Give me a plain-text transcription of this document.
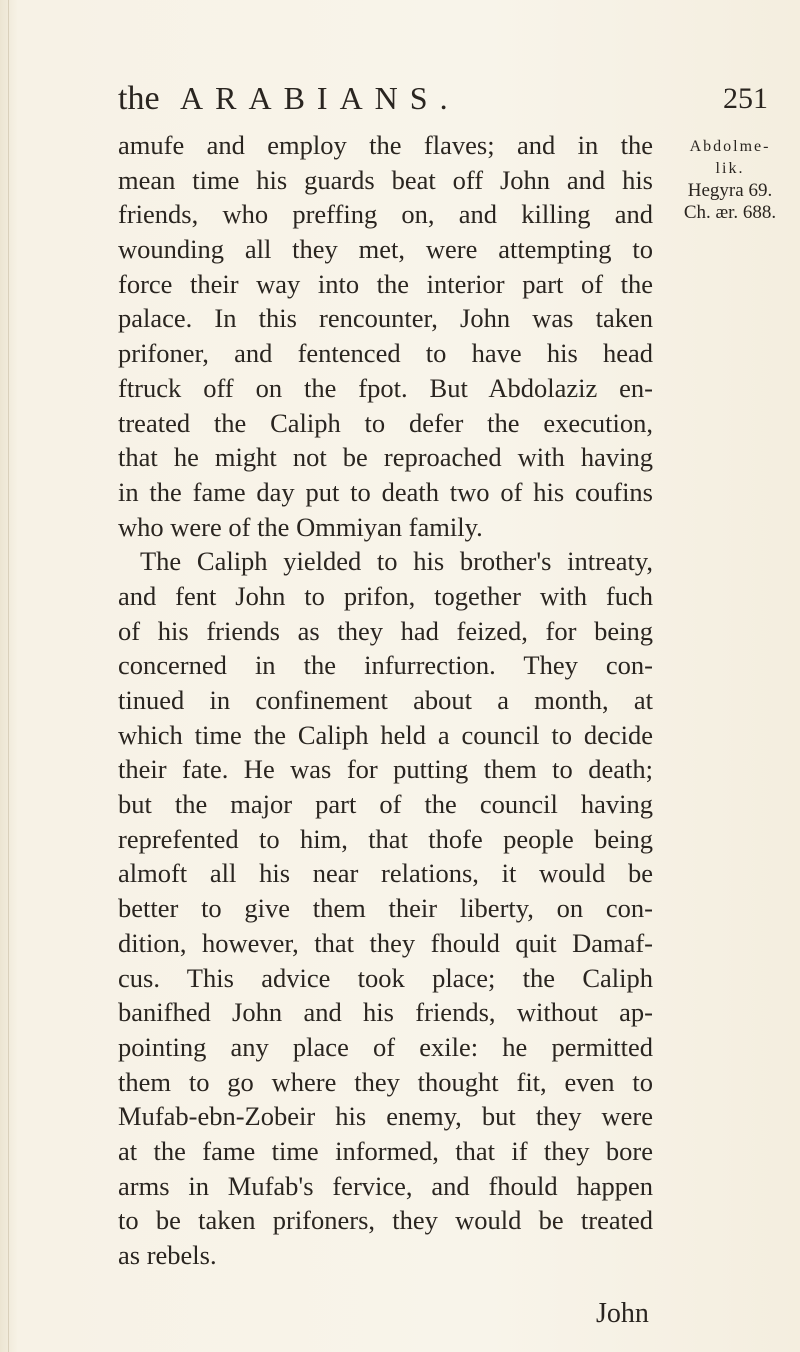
the ARABIANS.	251
Abdolme-
lik.
Hegyra 69.
Ch. ær. 688.
amufe and employ the flaves; and in the
mean time his guards beat off John and his
friends, who preffing on, and killing and
wounding all they met, were attempting to
force their way into the interior part of the
palace. In this rencounter, John was taken
prifoner, and fentenced to have his head
ftruck off on the fpot. But Abdolaziz en-
treated the Caliph to defer the execution,
that he might not be reproached with having
in the fame day put to death two of his coufins
who were of the Ommiyan family.
The Caliph yielded to his brother's intreaty,
and fent John to prifon, together with fuch
of his friends as they had feized, for being
concerned in the infurrection. They con-
tinued in confinement about a month, at
which time the Caliph held a council to decide
their fate. He was for putting them to death;
but the major part of the council having
reprefented to him, that thofe people being
almoft all his near relations, it would be
better to give them their liberty, on con-
dition, however, that they fhould quit Damaf-
cus. This advice took place; the Caliph
banifhed John and his friends, without ap-
pointing any place of exile: he permitted
them to go where they thought fit, even to
Mufab-ebn-Zobeir his enemy, but they were
at the fame time informed, that if they bore
arms in Mufab's fervice, and fhould happen
to be taken prifoners, they would be treated
as rebels.
John
